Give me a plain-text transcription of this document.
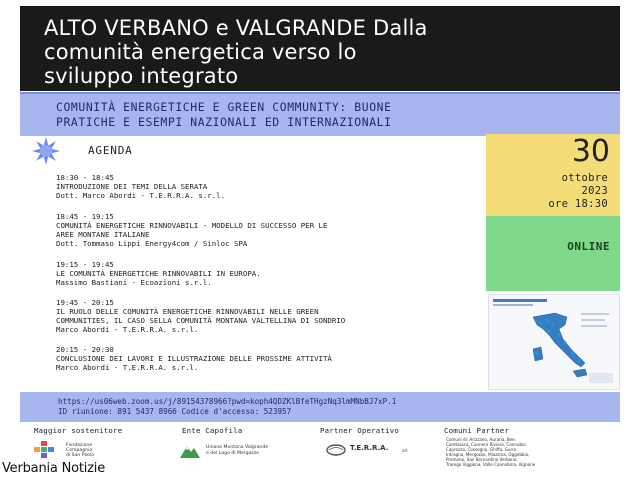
ALTO VERBANO e VALGRANDE Dalla
comunità energetica verso lo
sviluppo integrato
COMUNITÀ ENERGETICHE E GREEN COMMUNITY: BUONE
PRATICHE E ESEMPI NAZIONALI ED INTERNAZIONALI
AGENDA
18:30 - 18:45
INTRODUZIONE DEI TEMI DELLA SERATA
Dott. Marco Abordi - T.E.R.R.A. s.r.l.
18:45 - 19:15
COMUNITÀ ENERGETICHE RINNOVABILI - MODELLO DI SUCCESSO PER LE
AREE MONTANE ITALIANE
Dott. Tommaso Lippi Energy4com / Sinloc SPA
19:15 - 19:45
LE COMUNITÀ ENERGETICHE RINNOVABILI IN EUROPA.
Massimo Bastiani - Ecoazioni s.r.l.
19:45 - 20:15
IL RUOLO DELLE COMUNITÀ ENERGETICHE RINNOVABILI NELLE GREEN
COMMUNITIES, IL CASO SELLA COMUNITÀ MONTANA VALTELLINA DI SONDRIO
Marco Abordi - T.E.R.R.A. s.r.l.
20:15 - 20:30
CONCLUSIONE DEI LAVORI E ILLUSTRAZIONE DELLE PROSSIME ATTIVITÀ
Marco Abordi - T.E.R.R.A. s.r.l.
30
ottobre
2023
ore 18:30
ONLINE
https://us06web.zoom.us/j/89154378966?pwd=koph4QDZKlBfeTHgzNq3lmMNbBJ7xP.1
ID riunione: 891 5437 8966 Codice d'accesso: 523957
Maggior sostenitore	Ente Capofila	Partner Operativo	Comuni Partner
Fondazione
Compagnia
di San Paolo
Unione Montana Valgrande
e del Lago di Mergozzo
T.E.R.R.A.	srl
Comuni di: Arizzano, Aurano, Bee,
Cambiasca, Cannero Riviera, Cannobio
Caprezzo, Cossogno, Ghiffa, Gurro
Intragna, Mergozzo, Miazzina, Oggebbio,
Premeno, San Bernardino Verbano,
Trarego Viggiona, Valle Cannobina, Vignone
Verbania Notizie
